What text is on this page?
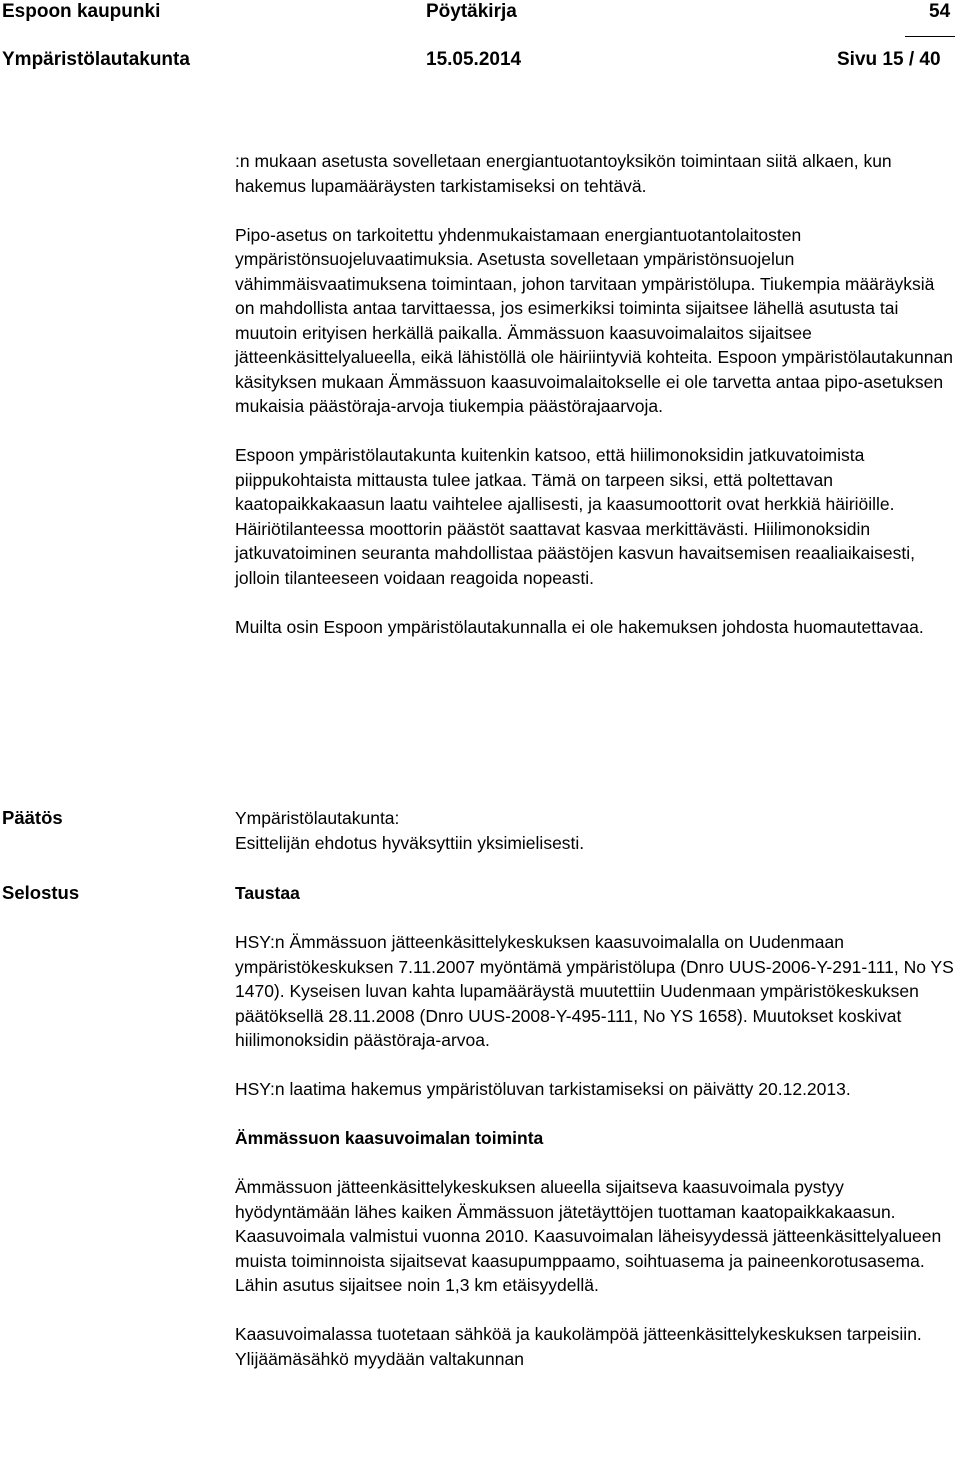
Espoon kaupunki	Pöytäkirja	54
Ympäristölautakunta	15.05.2014	Sivu 15 / 40

:n mukaan asetusta sovelletaan energiantuotantoyksikön toimintaan siitä alkaen, kun hakemus lupamääräysten tarkistamiseksi on tehtävä.

Pipo-asetus on tarkoitettu yhdenmukaistamaan energiantuotantolaitosten ympäristönsuojeluvaatimuksia. Asetusta sovelletaan ympäristönsuojelun vähimmäisvaatimuksena toimintaan, johon tarvitaan ympäristölupa. Tiukempia määräyksiä on mahdollista antaa tarvittaessa, jos esimerkiksi toiminta sijaitsee lähellä asutusta tai muutoin erityisen herkällä paikalla. Ämmässuon kaasuvoimalaitos sijaitsee jätteenkäsittelyalueella, eikä lähistöllä ole häiriintyviä kohteita. Espoon ympäristölautakunnan käsityksen mukaan Ämmässuon kaasuvoimalaitokselle ei ole tarvetta antaa pipo-asetuksen mukaisia päästöraja-arvoja tiukempia päästörajaarvoja.

Espoon ympäristölautakunta kuitenkin katsoo, että hiilimonoksidin jatkuvatoimista piippukohtaista mittausta tulee jatkaa. Tämä on tarpeen siksi, että poltettavan kaatopaikkakaasun laatu vaihtelee ajallisesti, ja kaasumoottorit ovat herkkiä häiriöille. Häiriötilanteessa moottorin päästöt saattavat kasvaa merkittävästi. Hiilimonoksidin jatkuvatoiminen seuranta mahdollistaa päästöjen kasvun havaitsemisen reaaliaikaisesti, jolloin tilanteeseen voidaan reagoida nopeasti.

Muilta osin Espoon ympäristölautakunnalla ei ole hakemuksen johdosta huomautettavaa.

Päätös	Ympäristölautakunta:

Esittelijän ehdotus hyväksyttiin yksimielisesti.

Selostus	Taustaa

HSY:n Ämmässuon jätteenkäsittelykeskuksen kaasuvoimalalla on Uudenmaan ympäristökeskuksen 7.11.2007 myöntämä ympäristölupa (Dnro UUS-2006-Y-291-111, No YS 1470). Kyseisen luvan kahta lupamääräystä muutettiin Uudenmaan ympäristökeskuksen päätöksellä 28.11.2008 (Dnro UUS-2008-Y-495-111, No YS 1658). Muutokset koskivat hiilimonoksidin päästöraja-arvoa.

HSY:n laatima hakemus ympäristöluvan tarkistamiseksi on päivätty 20.12.2013.

Ämmässuon kaasuvoimalan toiminta

Ämmässuon jätteenkäsittelykeskuksen alueella sijaitseva kaasuvoimala pystyy hyödyntämään lähes kaiken Ämmässuon jätetäyttöjen tuottaman kaatopaikkakaasun. Kaasuvoimala valmistui vuonna 2010. Kaasuvoimalan läheisyydessä jätteenkäsittelyalueen muista toiminnoista sijaitsevat kaasupumppaamo, soihtuasema ja paineenkorotusasema. Lähin asutus sijaitsee noin 1,3 km etäisyydellä.

Kaasuvoimalassa tuotetaan sähköä ja kaukolämpöä jätteenkäsittelykeskuksen tarpeisiin. Ylijäämäsähkö myydään valtakunnan
